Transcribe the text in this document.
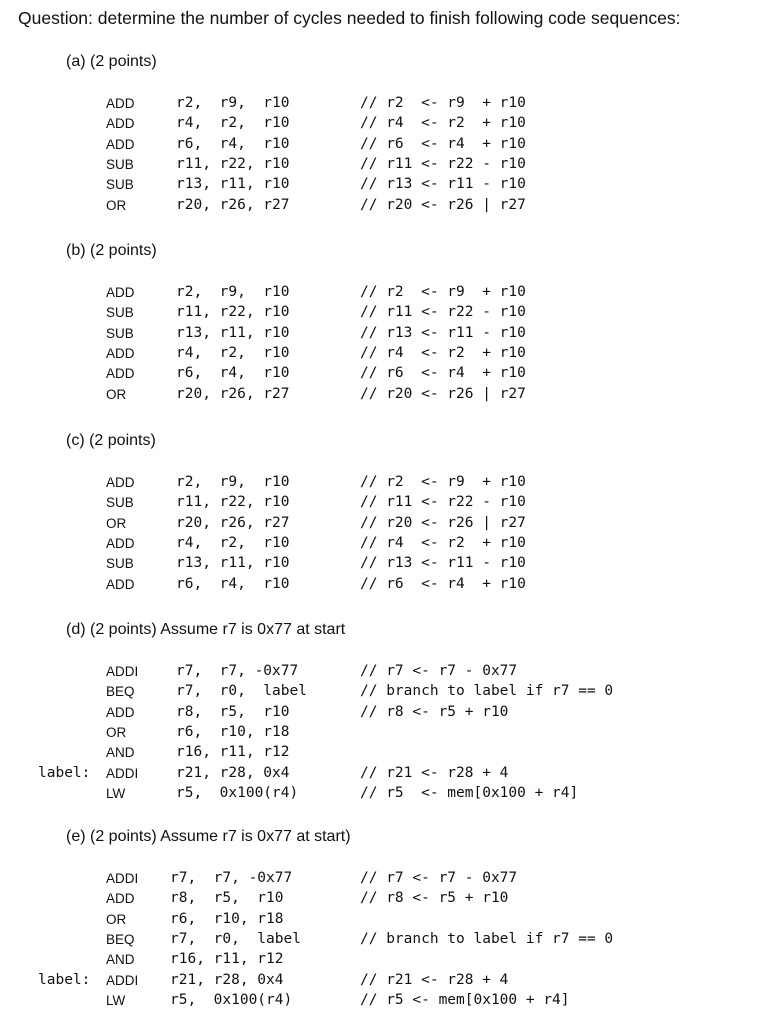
Question: determine the number of cycles needed to finish following code sequences:
(a) (2 points)
ADD	r2,  r9,  r10	// r2  <- r9  + r10
ADD	r4,  r2,  r10	// r4  <- r2  + r10
ADD	r6,  r4,  r10	// r6  <- r4  + r10
SUB	r11, r22, r10	// r11 <- r22 - r10
SUB	r13, r11, r10	// r13 <- r11 - r10
OR	r20, r26, r27	// r20 <- r26 | r27
(b) (2 points)
ADD	r2,  r9,  r10	// r2  <- r9  + r10
SUB	r11, r22, r10	// r11 <- r22 - r10
SUB	r13, r11, r10	// r13 <- r11 - r10
ADD	r4,  r2,  r10	// r4  <- r2  + r10
ADD	r6,  r4,  r10	// r6  <- r4  + r10
OR	r20, r26, r27	// r20 <- r26 | r27
(c) (2 points)
ADD	r2,  r9,  r10	// r2  <- r9  + r10
SUB	r11, r22, r10	// r11 <- r22 - r10
OR	r20, r26, r27	// r20 <- r26 | r27
ADD	r4,  r2,  r10	// r4  <- r2  + r10
SUB	r13, r11, r10	// r13 <- r11 - r10
ADD	r6,  r4,  r10	// r6  <- r4  + r10
(d) (2 points) Assume r7 is 0x77 at start
ADDI	r7,  r7, -0x77	// r7 <- r7 - 0x77
BEQ	r7,  r0,  label	// branch to label if r7 == 0
ADD	r8,  r5,  r10	// r8 <- r5 + r10
OR	r6,  r10, r18
AND	r16, r11, r12
label: ADDI	r21, r28, 0x4	// r21 <- r28 + 4
LW	r5,  0x100(r4)	// r5  <- mem[0x100 + r4]
(e) (2 points) Assume r7 is 0x77 at start)
ADDI r7,  r7, -0x77	// r7 <- r7 - 0x77
ADD r8,  r5,  r10	// r8 <- r5 + r10
OR	r6,  r10, r18
BEQ r7,  r0,  label	// branch to label if r7 == 0
AND r16, r11, r12
label: ADDI r21, r28, 0x4	// r21 <- r28 + 4
LW	r5,  0x100(r4)	// r5 <- mem[0x100 + r4]
